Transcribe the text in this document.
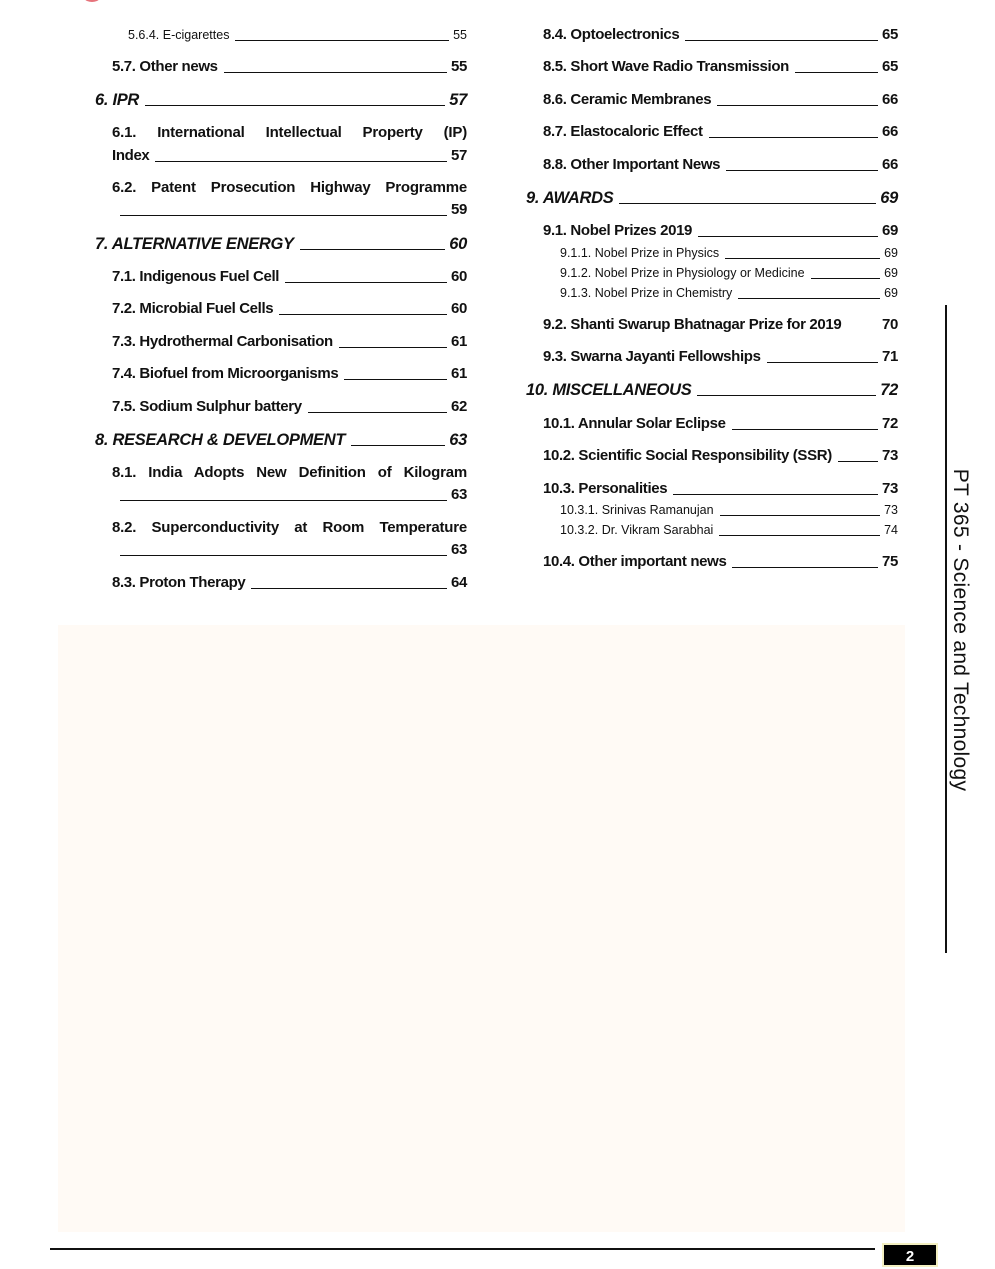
5.6.4. E-cigarettes	55
5.7. Other news	55
6. IPR	57
6.1. International Intellectual Property (IP)
Index	57
6.2. Patent Prosecution Highway Programme
59
7. ALTERNATIVE ENERGY	60
7.1. Indigenous Fuel Cell	60
7.2. Microbial Fuel Cells	60
7.3. Hydrothermal Carbonisation	61
7.4. Biofuel from Microorganisms	61
7.5. Sodium Sulphur battery	62
8. RESEARCH & DEVELOPMENT	63
8.1. India Adopts New Definition of Kilogram
63
8.2. Superconductivity at Room Temperature
63
8.3. Proton Therapy	64
8.4. Optoelectronics	65
8.5. Short Wave Radio Transmission	65
8.6. Ceramic Membranes	66
8.7. Elastocaloric Effect	66
8.8. Other Important News	66
9. AWARDS	69
9.1. Nobel Prizes 2019	69
9.1.1. Nobel Prize in Physics	69
9.1.2. Nobel Prize in Physiology or Medicine	69
9.1.3. Nobel Prize in Chemistry	69
9.2. Shanti Swarup Bhatnagar Prize for 2019	70
9.3. Swarna Jayanti Fellowships	71
10. MISCELLANEOUS	72
10.1. Annular Solar Eclipse	72
10.2. Scientific Social Responsibility (SSR)	73
10.3. Personalities	73
10.3.1. Srinivas Ramanujan	73
10.3.2. Dr. Vikram Sarabhai	74
10.4. Other important news	75 PT 365 - Science and Technology
2
